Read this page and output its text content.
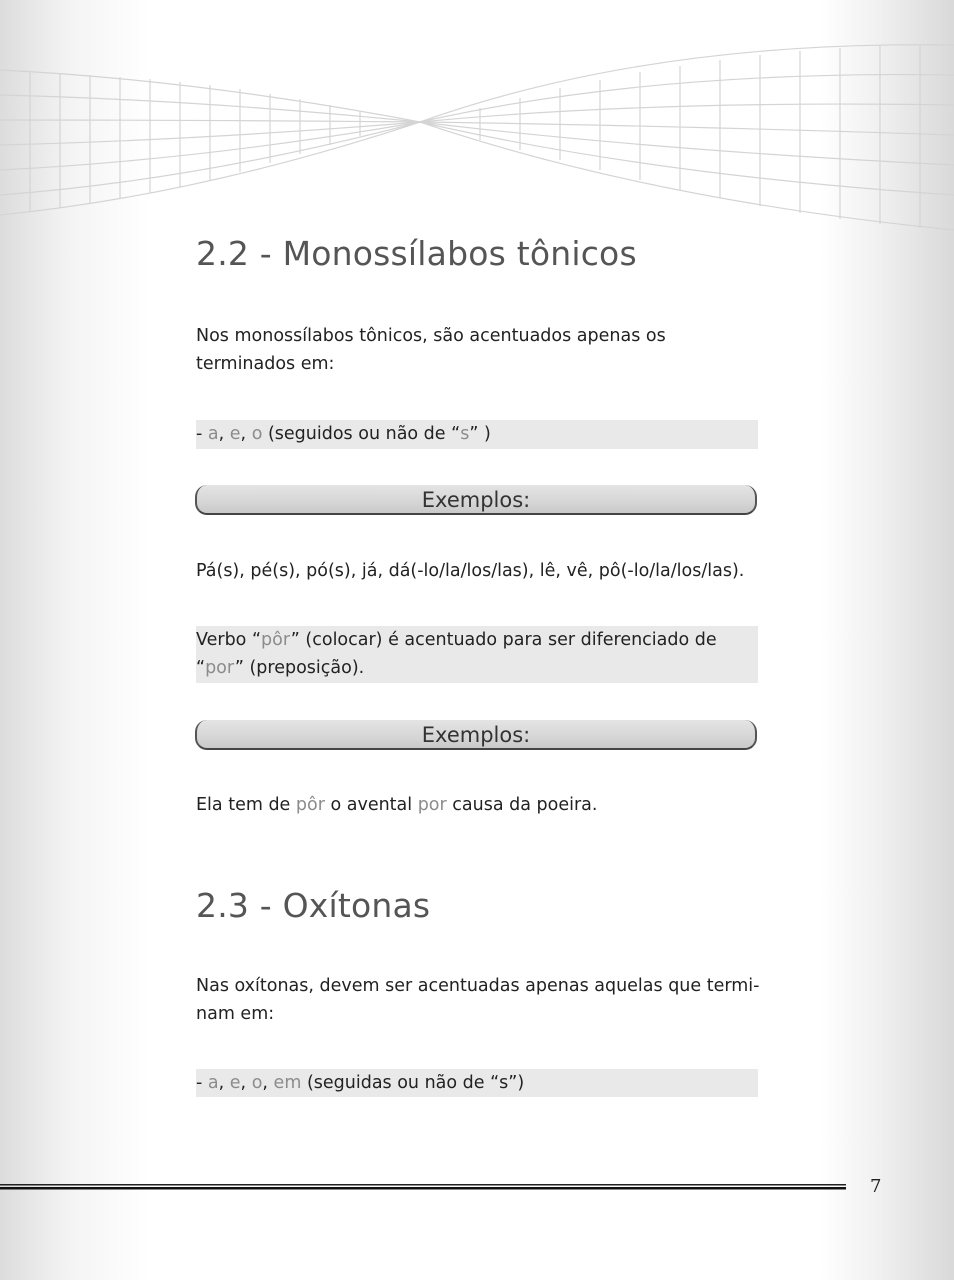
2.2 - Monossílabos tônicos

Nos monossílabos tônicos, são acentuados apenas os terminados em:

- a, e, o (seguidos ou não de “s” )

Exemplos:

Pá(s), pé(s), pó(s), já, dá(-lo/la/los/las), lê, vê, pô(-lo/la/los/las).

Verbo “pôr” (colocar) é acentuado para ser diferenciado de “por” (preposição).

Exemplos:

Ela tem de pôr o avental por causa da poeira.

2.3 - Oxítonas

Nas oxítonas, devem ser acentuadas apenas aquelas que termi-nam em:

- a, e, o, em (seguidas ou não de “s”)

7
